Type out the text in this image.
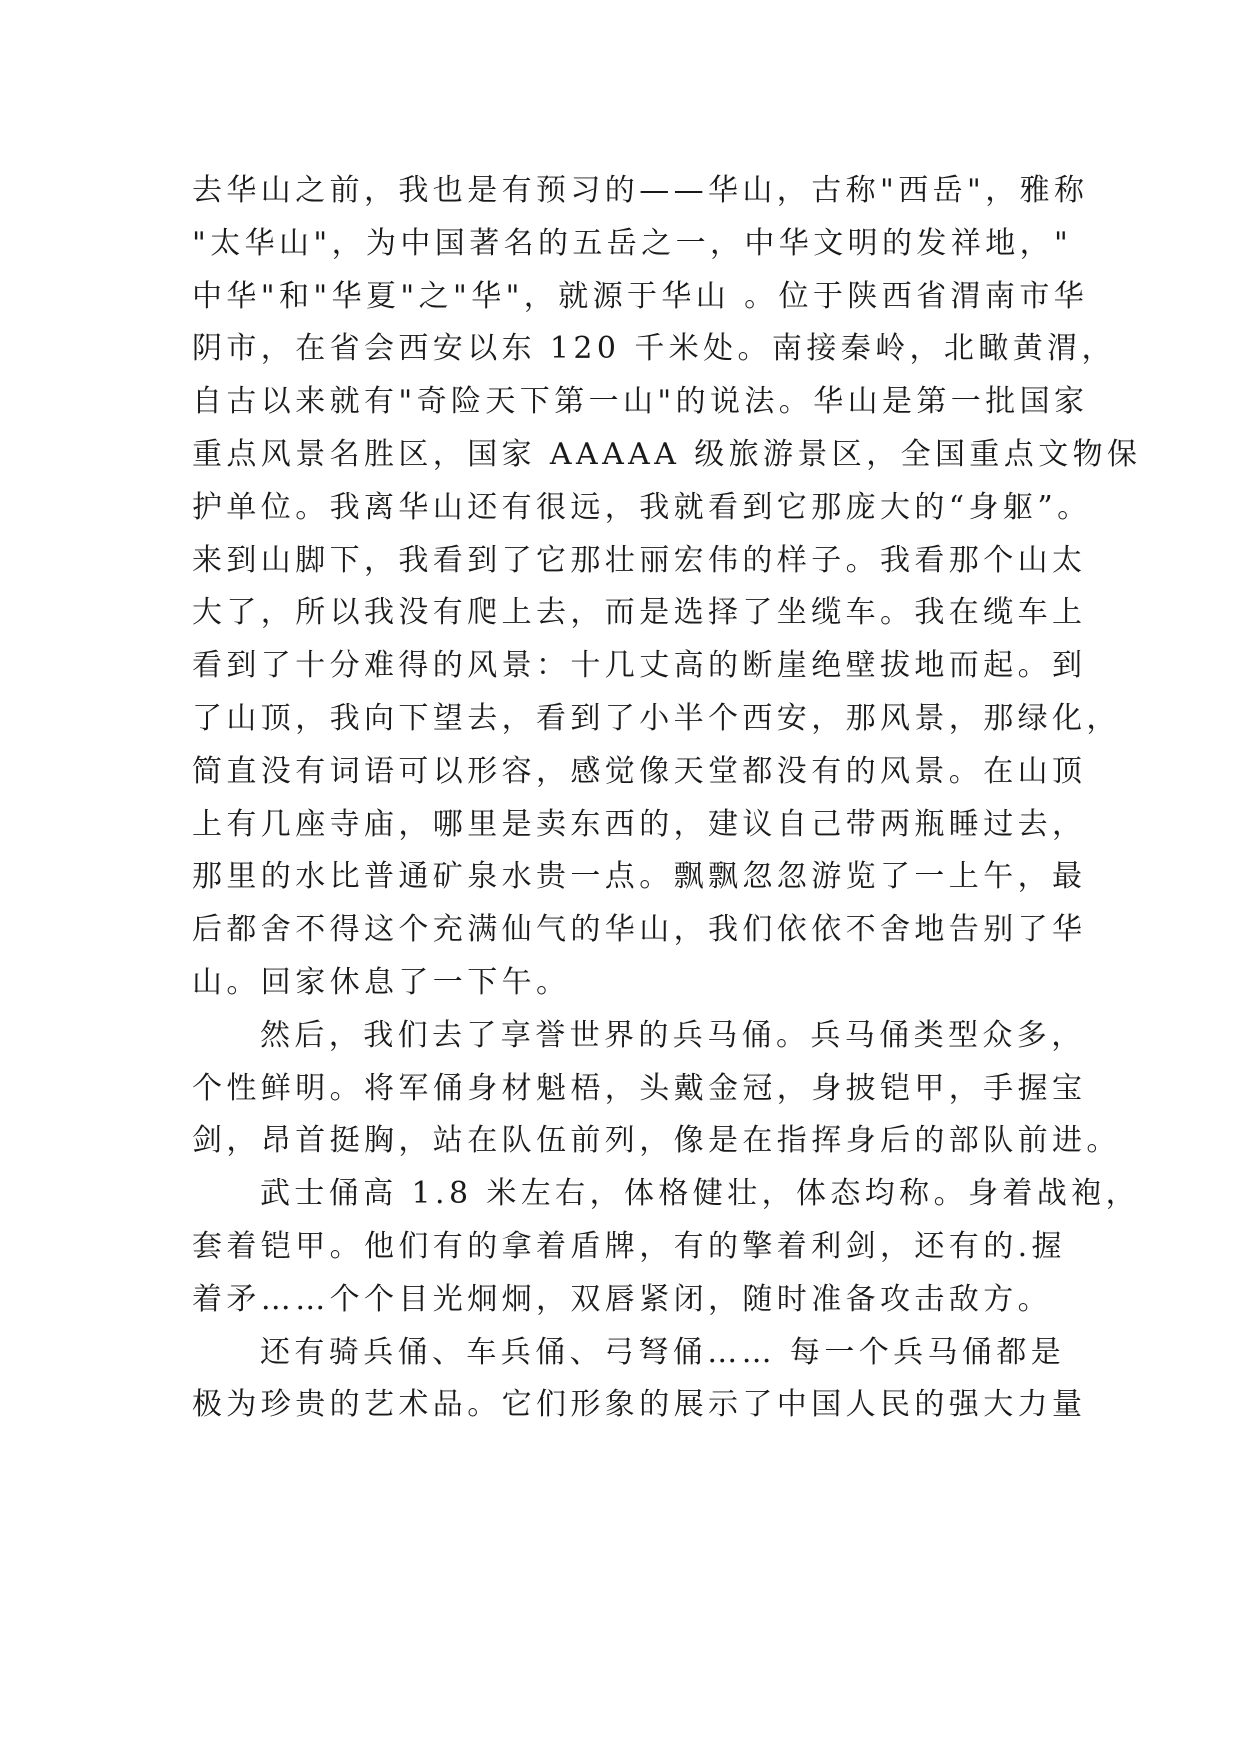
去华山之前，我也是有预习的——华山，古称"西岳"，雅称
"太华山"，为中国著名的五岳之一，中华文明的发祥地，"
中华"和"华夏"之"华"，就源于华山 。位于陕西省渭南市华
阴市，在省会西安以东 120 千米处。南接秦岭，北瞰黄渭，
自古以来就有"奇险天下第一山"的说法。华山是第一批国家
重点风景名胜区，国家 AAAAA 级旅游景区，全国重点文物保
护单位。我离华山还有很远，我就看到它那庞大的“身躯”。
来到山脚下，我看到了它那壮丽宏伟的样子。我看那个山太
大了，所以我没有爬上去，而是选择了坐缆车。我在缆车上
看到了十分难得的风景：十几丈高的断崖绝壁拔地而起。到
了山顶，我向下望去，看到了小半个西安，那风景，那绿化，
简直没有词语可以形容，感觉像天堂都没有的风景。在山顶
上有几座寺庙，哪里是卖东西的，建议自己带两瓶睡过去，
那里的水比普通矿泉水贵一点。飘飘忽忽游览了一上午，最
后都舍不得这个充满仙气的华山，我们依依不舍地告别了华
山。回家休息了一下午。

然后，我们去了享誉世界的兵马俑。兵马俑类型众多，
个性鲜明。将军俑身材魁梧，头戴金冠，身披铠甲，手握宝
剑，昂首挺胸，站在队伍前列，像是在指挥身后的部队前进。

武士俑高 1.8 米左右，体格健壮，体态均称。身着战袍，
套着铠甲。他们有的拿着盾牌，有的擎着利剑，还有的.握
着矛……个个目光炯炯，双唇紧闭，随时准备攻击敌方。

还有骑兵俑、车兵俑、弓弩俑…… 每一个兵马俑都是
极为珍贵的艺术品。它们形象的展示了中国人民的强大力量
